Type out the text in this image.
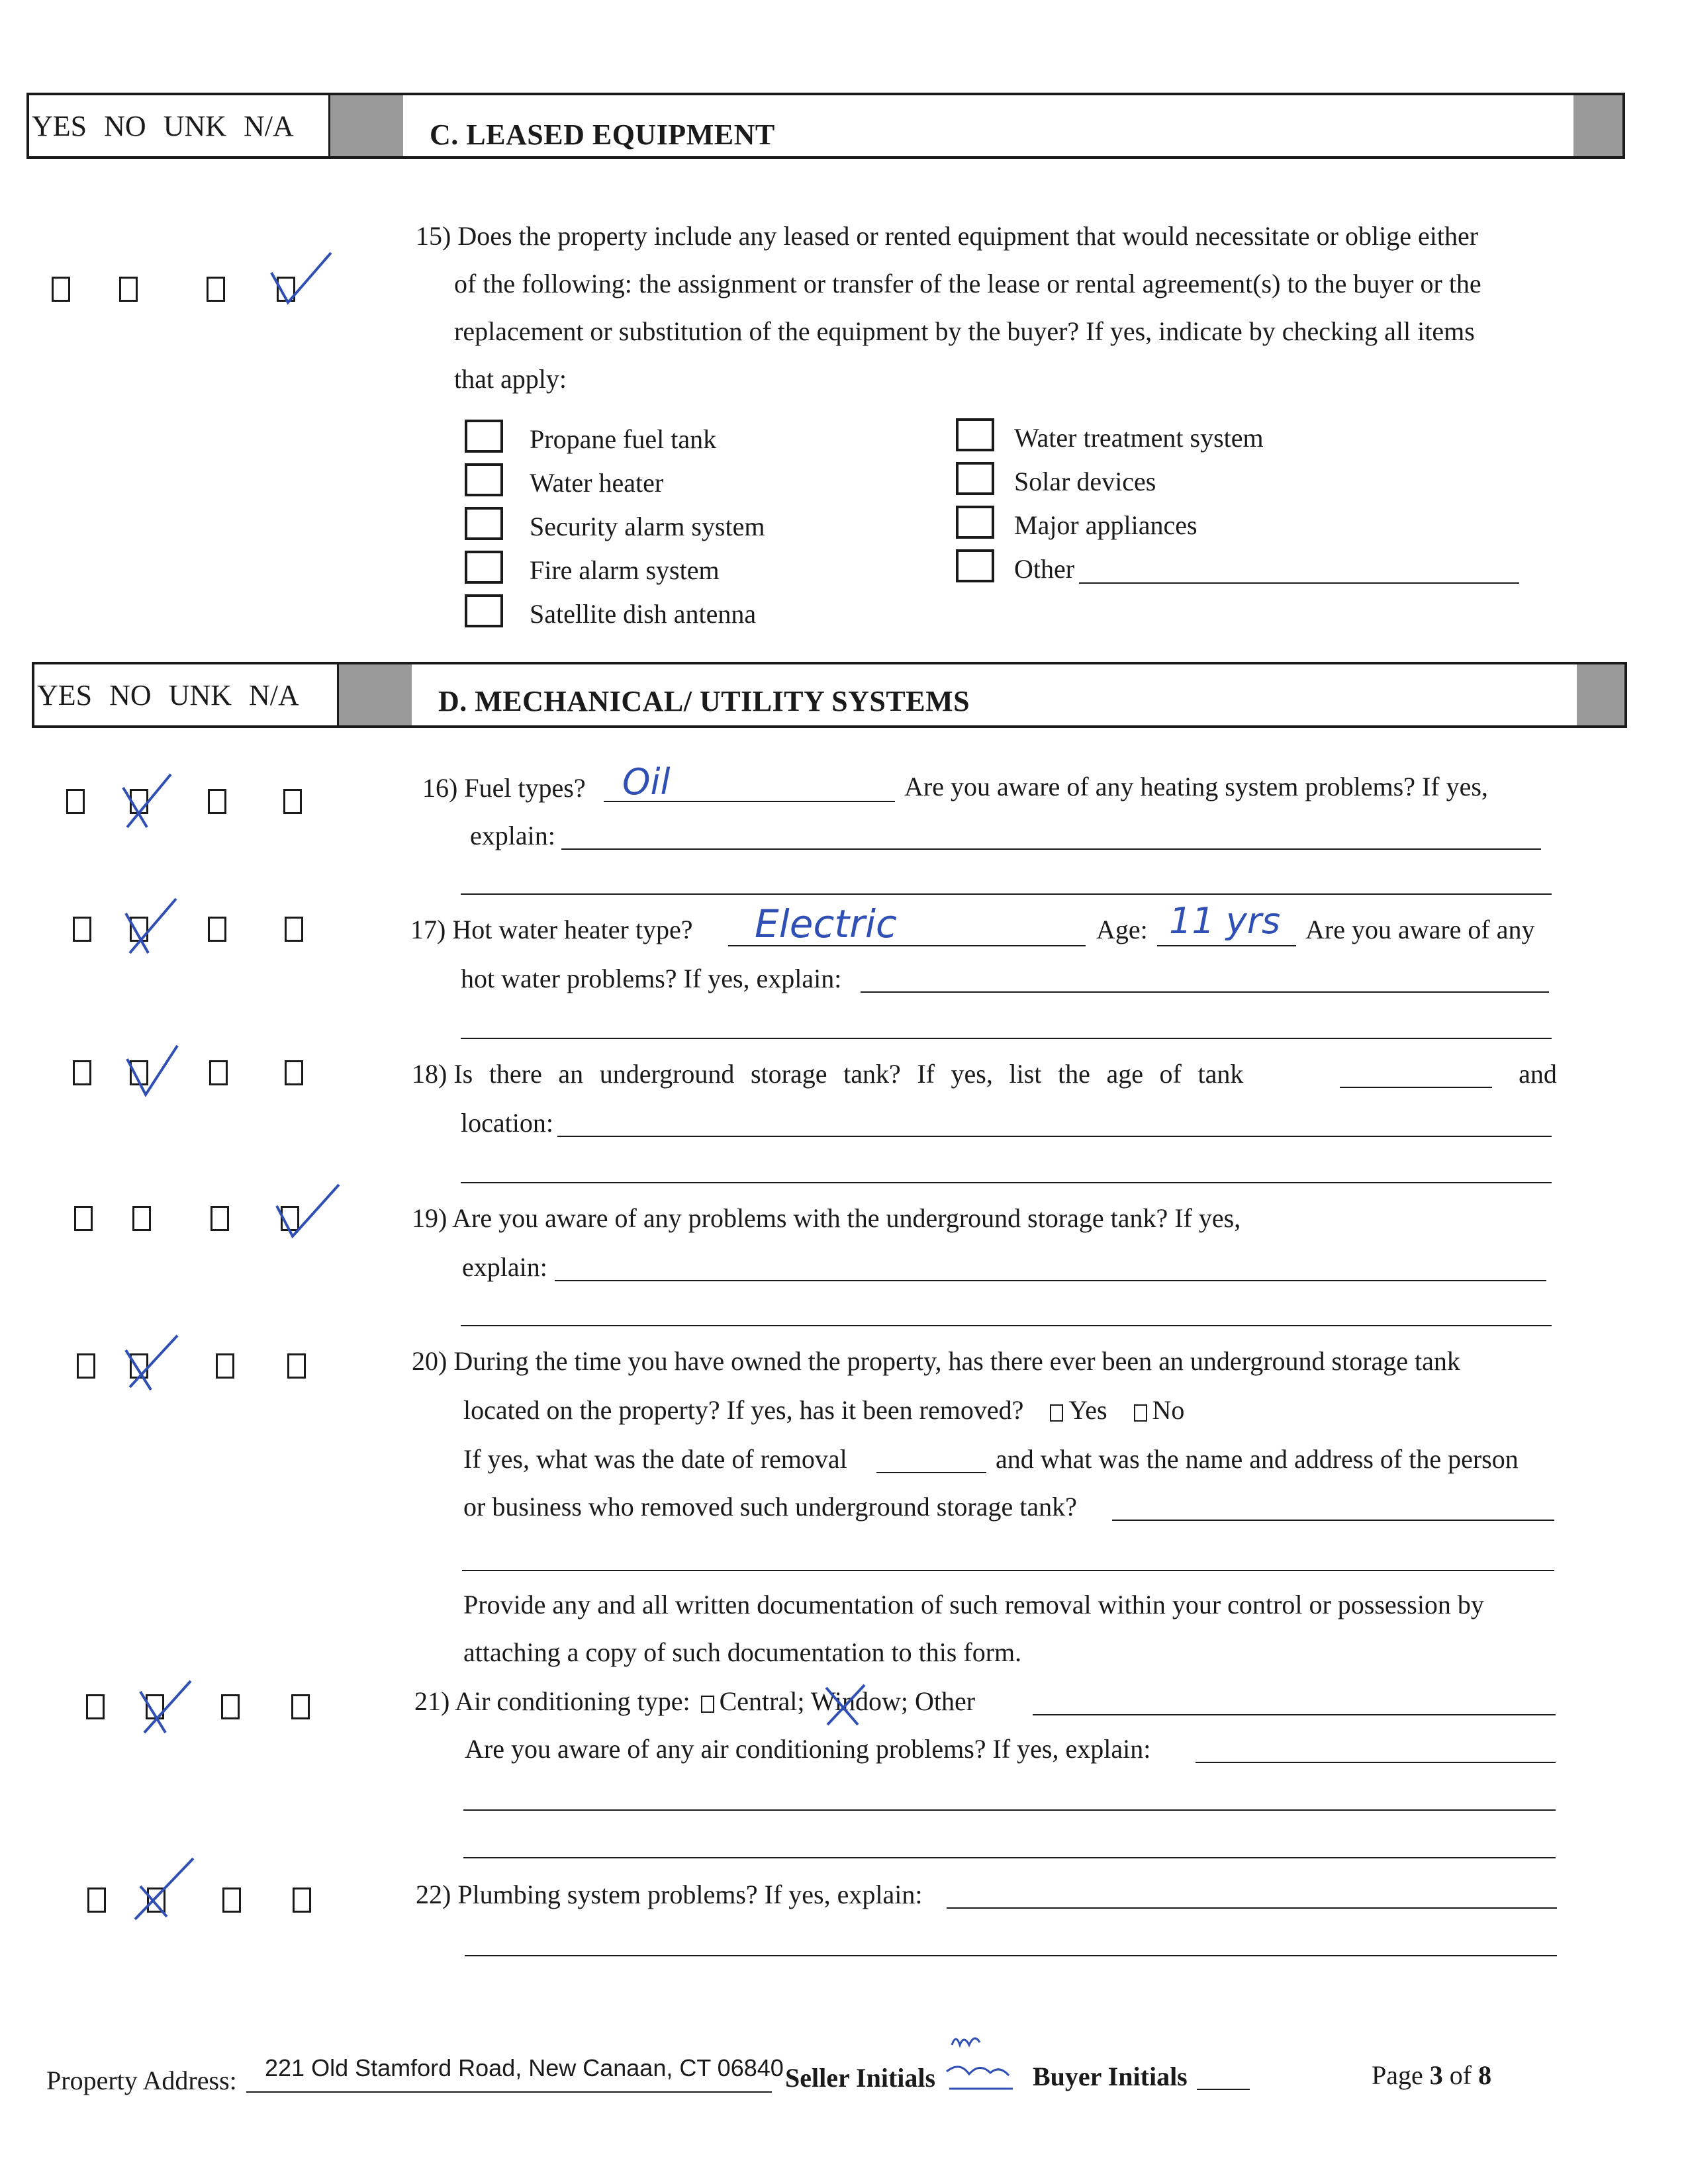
YES NO UNK N/A	C. LEASED EQUIPMENT
15) Does the property include any leased or rented equipment that would necessitate or oblige either
of the following: the assignment or transfer of the lease or rental agreement(s) to the buyer or the
replacement or substitution of the equipment by the buyer? If yes, indicate by checking all items
that apply:
Propane fuel tank
Water heater
Security alarm system
Fire alarm system
Satellite dish antenna
Water treatment system
Solar devices
Major appliances
Other
YES NO UNK N/A	D. MECHANICAL/ UTILITY SYSTEMS
16) Fuel types? Oil	Are you aware of any heating system problems? If yes,
explain:
17) Hot water heater type? Electric	Age: 11 yrs Are you aware of any
hot water problems? If yes, explain:
18) Is there an underground storage tank? If yes, list the age of tank	and
location:
19) Are you aware of any problems with the underground storage tank? If yes,
explain:
20) During the time you have owned the property, has there ever been an underground storage tank
located on the property? If yes, has it been removed? Yes No
If yes, what was the date of removal	and what was the name and address of the person
or business who removed such underground storage tank?
Provide any and all written documentation of such removal within your control or possession by
attaching a copy of such documentation to this form.
21) Air conditioning type: Central; Window; Other
Are you aware of any air conditioning problems? If yes, explain:
22) Plumbing system problems? If yes, explain:
Property Address: 221 Old Stamford Road, New Canaan, CT 06840 Seller Initials	Buyer Initials	Page 3 of 8
